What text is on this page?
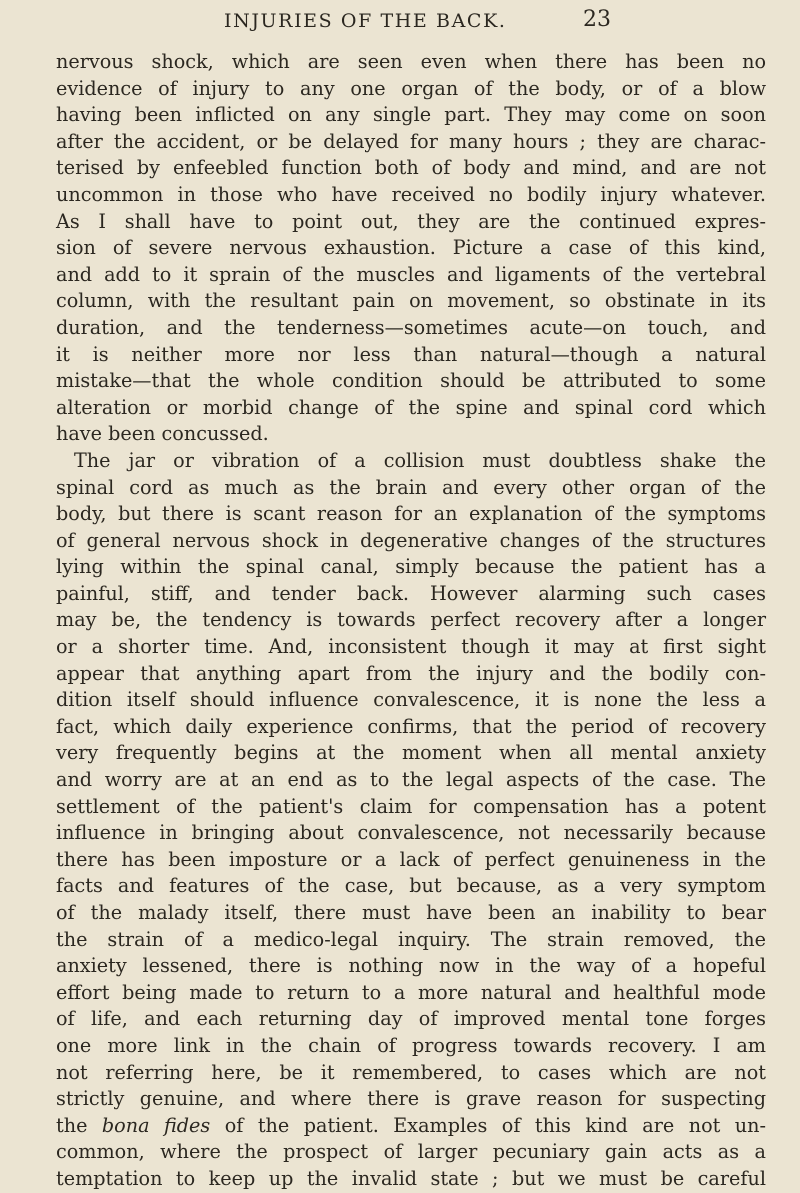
INJURIES OF THE BACK.	23
nervous shock, which are seen even when there has been no
evidence of injury to any one organ of the body, or of a blow
having been inflicted on any single part. They may come on soon
after the accident, or be delayed for many hours ; they are charac-
terised by enfeebled function both of body and mind, and are not
uncommon in those who have received no bodily injury whatever.
As I shall have to point out, they are the continued expres-
sion of severe nervous exhaustion. Picture a case of this kind,
and add to it sprain of the muscles and ligaments of the vertebral
column, with the resultant pain on movement, so obstinate in its
duration, and the tenderness—sometimes acute—on touch, and
it is neither more nor less than natural—though a natural
mistake—that the whole condition should be attributed to some
alteration or morbid change of the spine and spinal cord which
have been concussed.
The jar or vibration of a collision must doubtless shake the
spinal cord as much as the brain and every other organ of the
body, but there is scant reason for an explanation of the symptoms
of general nervous shock in degenerative changes of the structures
lying within the spinal canal, simply because the patient has a
painful, stiff, and tender back. However alarming such cases
may be, the tendency is towards perfect recovery after a longer
or a shorter time. And, inconsistent though it may at first sight
appear that anything apart from the injury and the bodily con-
dition itself should influence convalescence, it is none the less a
fact, which daily experience confirms, that the period of recovery
very frequently begins at the moment when all mental anxiety
and worry are at an end as to the legal aspects of the case. The
settlement of the patient's claim for compensation has a potent
influence in bringing about convalescence, not necessarily because
there has been imposture or a lack of perfect genuineness in the
facts and features of the case, but because, as a very symptom
of the malady itself, there must have been an inability to bear
the strain of a medico-legal inquiry. The strain removed, the
anxiety lessened, there is nothing now in the way of a hopeful
effort being made to return to a more natural and healthful mode
of life, and each returning day of improved mental tone forges
one more link in the chain of progress towards recovery. I am
not referring here, be it remembered, to cases which are not
strictly genuine, and where there is grave reason for suspecting
the bona fides of the patient. Examples of this kind are not un-
common, where the prospect of larger pecuniary gain acts as a
temptation to keep up the invalid state ; but we must be careful
